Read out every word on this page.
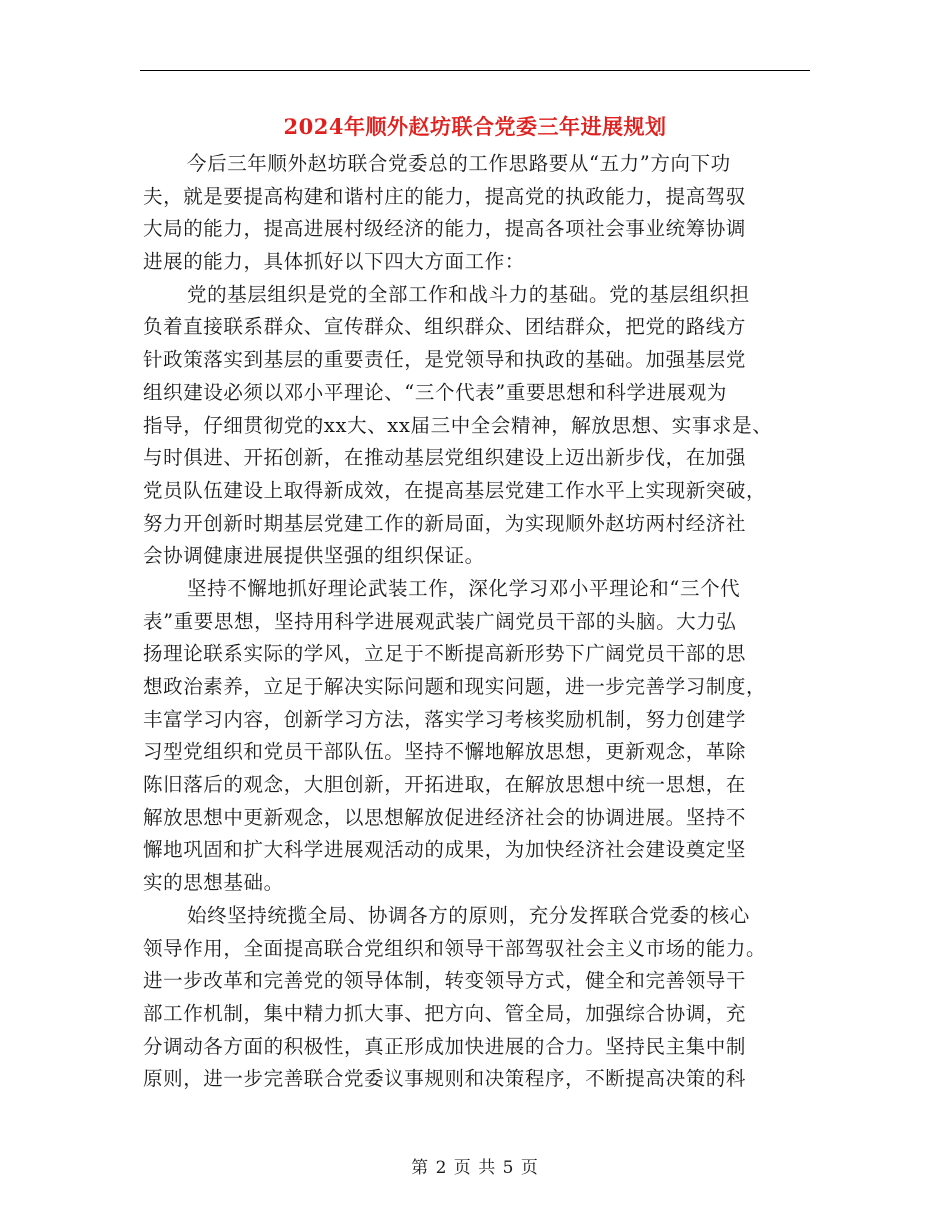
2024年顺外赵坊联合党委三年进展规划
今后三年顺外赵坊联合党委总的工作思路要从“五力”方向下功
夫，就是要提高构建和谐村庄的能力，提高党的执政能力，提高驾驭
大局的能力，提高进展村级经济的能力，提高各项社会事业统筹协调
进展的能力，具体抓好以下四大方面工作：
党的基层组织是党的全部工作和战斗力的基础。党的基层组织担
负着直接联系群众、宣传群众、组织群众、团结群众，把党的路线方
针政策落实到基层的重要责任，是党领导和执政的基础。加强基层党
组织建设必须以邓小平理论、“三个代表”重要思想和科学进展观为
指导，仔细贯彻党的xx大、xx届三中全会精神，解放思想、实事求是、
与时俱进、开拓创新，在推动基层党组织建设上迈出新步伐，在加强
党员队伍建设上取得新成效，在提高基层党建工作水平上实现新突破，
努力开创新时期基层党建工作的新局面，为实现顺外赵坊两村经济社
会协调健康进展提供坚强的组织保证。
坚持不懈地抓好理论武装工作，深化学习邓小平理论和“三个代
表”重要思想，坚持用科学进展观武装广阔党员干部的头脑。大力弘
扬理论联系实际的学风，立足于不断提高新形势下广阔党员干部的思
想政治素养，立足于解决实际问题和现实问题，进一步完善学习制度，
丰富学习内容，创新学习方法，落实学习考核奖励机制，努力创建学
习型党组织和党员干部队伍。坚持不懈地解放思想，更新观念，革除
陈旧落后的观念，大胆创新，开拓进取，在解放思想中统一思想，在
解放思想中更新观念，以思想解放促进经济社会的协调进展。坚持不
懈地巩固和扩大科学进展观活动的成果，为加快经济社会建设奠定坚
实的思想基础。
始终坚持统揽全局、协调各方的原则，充分发挥联合党委的核心
领导作用，全面提高联合党组织和领导干部驾驭社会主义市场的能力。
进一步改革和完善党的领导体制，转变领导方式，健全和完善领导干
部工作机制，集中精力抓大事、把方向、管全局，加强综合协调，充
分调动各方面的积极性，真正形成加快进展的合力。坚持民主集中制
原则，进一步完善联合党委议事规则和决策程序，不断提高决策的科
第 2 页 共 5 页
